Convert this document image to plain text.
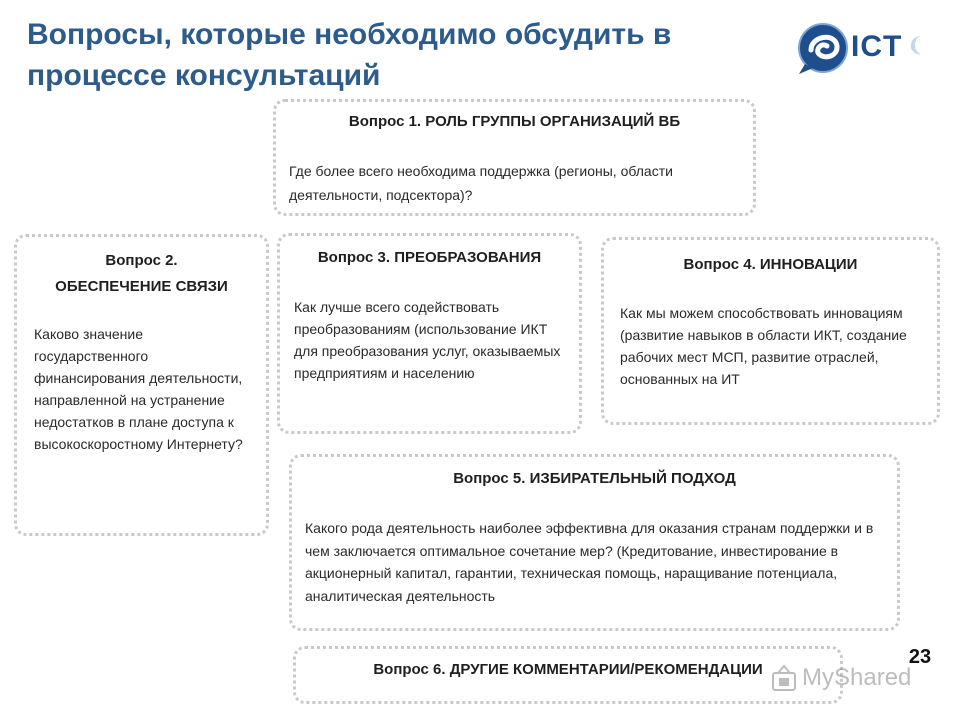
Вопросы, которые необходимо обсудить в процессе консультаций
ICT
Вопрос 1. РОЛЬ ГРУППЫ ОРГАНИЗАЦИЙ ВБ
Где более всего необходима поддержка (регионы, области деятельности, подсектора)?
Вопрос 2.
ОБЕСПЕЧЕНИЕ СВЯЗИ
Каково значение государственного финансирования деятельности, направленной на устранение недостатков в плане доступа к высокоскоростному Интернету?
Вопрос 3. ПРЕОБРАЗОВАНИЯ
Как лучше всего содействовать преобразованиям (использование ИКТ для преобразования услуг, оказываемых предприятиям и населению
Вопрос 4. ИННОВАЦИИ
Как мы можем способствовать инновациям (развитие навыков в области ИКТ, создание рабочих мест МСП, развитие отраслей, основанных на ИТ
Вопрос 5. ИЗБИРАТЕЛЬНЫЙ ПОДХОД
Какого рода деятельность наиболее эффективна для оказания странам поддержки и в чем заключается оптимальное сочетание мер? (Кредитование, инвестирование в акционерный капитал, гарантии, техническая помощь, наращивание потенциала, аналитическая деятельность
Вопрос 6. ДРУГИЕ КОММЕНТАРИИ/РЕКОМЕНДАЦИИ
23
MyShared
